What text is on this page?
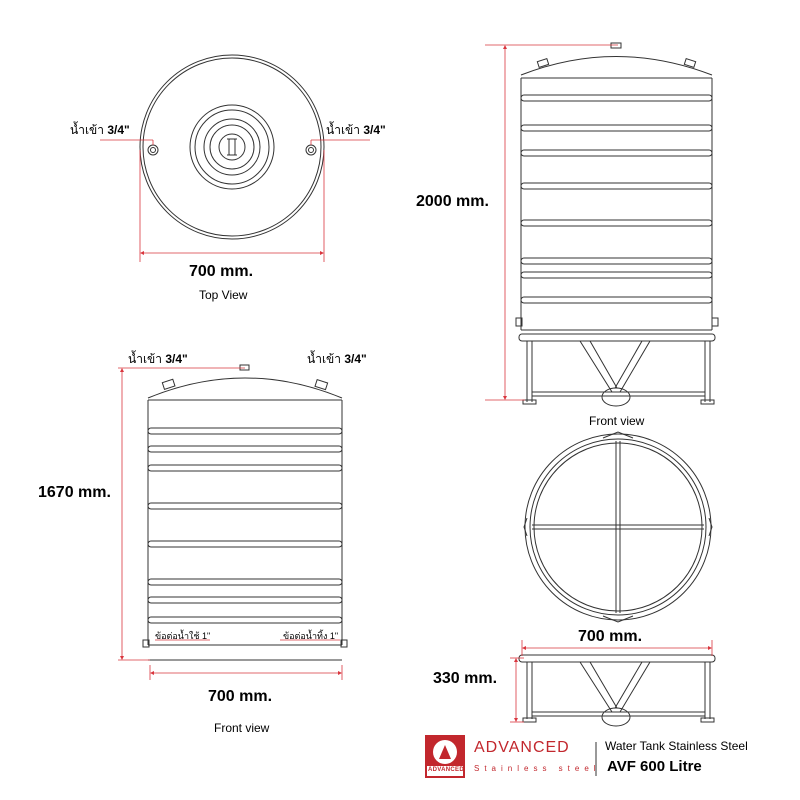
น้ำเข้า 3/4"	น้ำเข้า 3/4"
700 mm.
Top View
2000 mm.
Front view
น้ำเข้า 3/4"	น้ำเข้า 3/4"
1670 mm.
ข้อต่อน้ำใช้ 1"	ข้อต่อน้ำทิ้ง 1"
700 mm.
Front view
700 mm.
330 mm.
ADVANCED
ADVANCED
Stainless steel
Water Tank Stainless Steel
AVF 600 Litre
